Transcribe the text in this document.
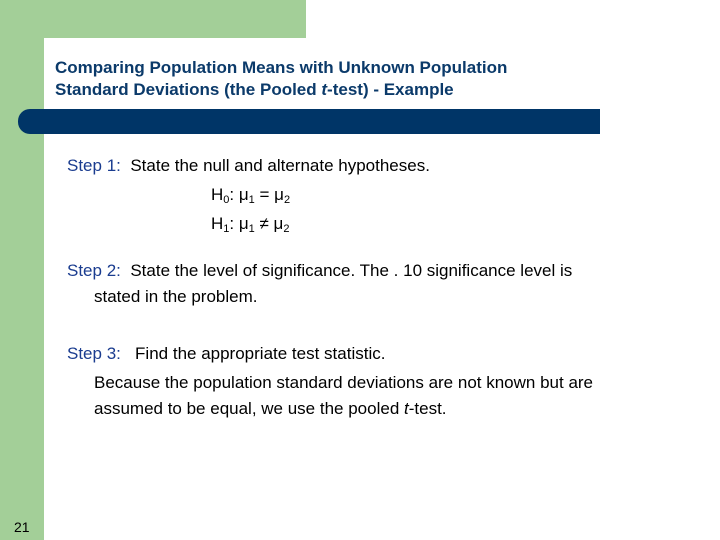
Comparing Population Means with Unknown Population
Standard Deviations (the Pooled t-test) - Example
Step 1: State the null and alternate hypotheses.
$H_0$: $\mu_1 = \mu_2$
$H_1$: $\mu_1 \ne \mu_2$
Step 2: State the level of significance. The . 10 significance level is
stated in the problem.
Step 3: Find the appropriate test statistic.
Because the population standard deviations are not known but are
assumed to be equal, we use the pooled t-test.
21
